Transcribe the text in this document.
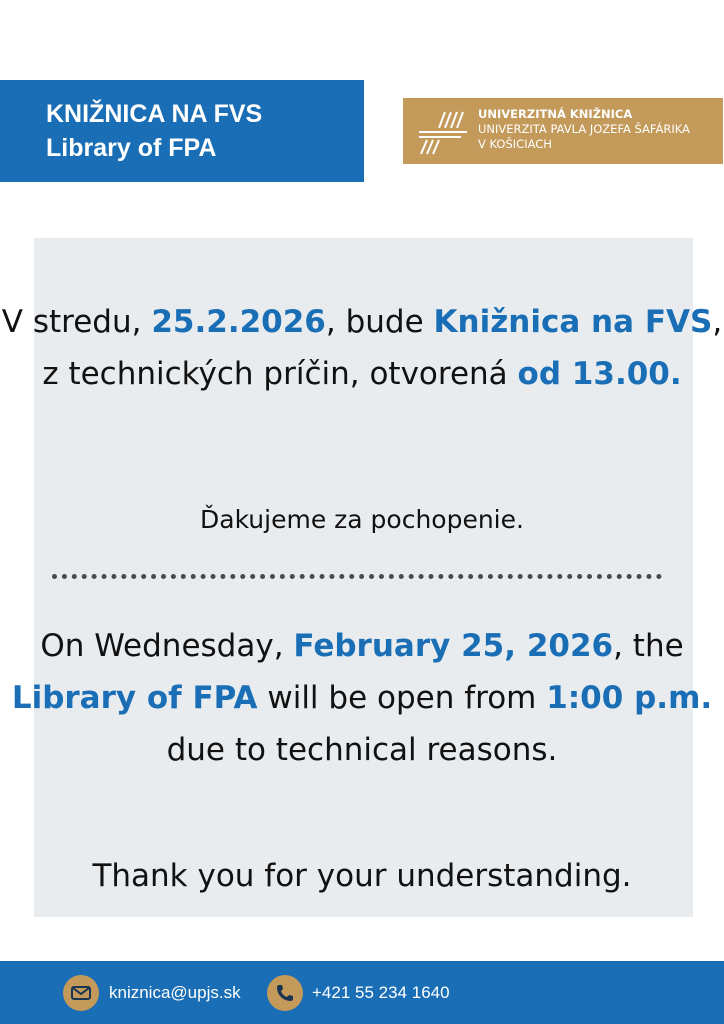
KNIŽNICA NA FVS
Library of FPA
UNIVERZITNÁ KNIŽNICA
UNIVERZITA PAVLA JOZEFA ŠAFÁRIKA
V KOŠICIACH
V stredu, 25.2.2026, bude Knižnica na FVS, z technických príčin, otvorená od 13.00.
Ďakujeme za pochopenie.
On Wednesday, February 25, 2026, the Library of FPA will be open from 1:00 p.m. due to technical reasons.
Thank you for your understanding.
kniznica@upjs.sk	+421 55 234 1640
